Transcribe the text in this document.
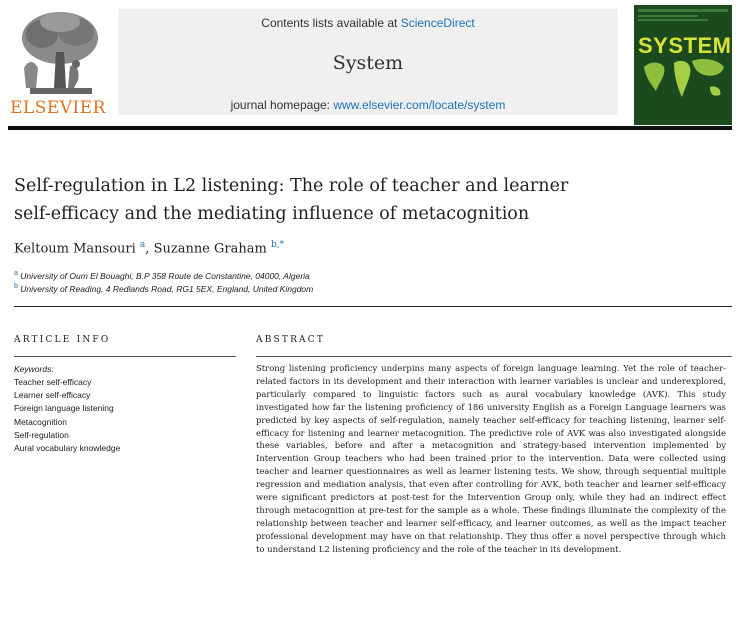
ELSEVIER
Contents lists available at ScienceDirect
System
journal homepage: www.elsevier.com/locate/system
SYSTEM
Self-regulation in L2 listening: The role of teacher and learner
self-efficacy and the mediating influence of metacognition
Keltoum Mansouri $^a$, Suzanne Graham $^{b,*}$
$^a$ University of Oum El Bouaghi, B.P 358 Route de Constantine, 04000, Algeria
$^b$ University of Reading, 4 Redlands Road, RG1 5EX, England, United Kingdom
ARTICLE INFO
Keywords:
Teacher self-efficacy
Learner self-efficacy
Foreign language listening
Metacognition
Self-regulation
Aural vocabulary knowledge
ABSTRACT

Strong listening proficiency underpins many aspects of foreign language learning. Yet the role of teacher-related factors in its development and their interaction with learner variables is unclear and underexplored, particularly compared to linguistic factors such as aural vocabulary knowledge (AVK). This study investigated how far the listening proficiency of 186 university English as a Foreign Language learners was predicted by key aspects of self-regulation, namely teacher self-efficacy for teaching listening, learner self-efficacy for listening and learner metacognition. The predictive role of AVK was also investigated alongside these variables, before and after a metacognition and strategy-based intervention implemented by Intervention Group teachers who had been trained prior to the intervention. Data were collected using teacher and learner questionnaires as well as learner listening tests. We show, through sequential multiple regression and mediation analysis, that even after controlling for AVK, both teacher and learner self-efficacy were significant predictors at post-test for the Intervention Group only, while they had an indirect effect through metacognition at pre-test for the sample as a whole. These findings illuminate the complexity of the relationship between teacher and learner self-efficacy, and learner outcomes, as well as the impact teacher professional development may have on that relationship. They thus offer a novel perspective through which to understand L2 listening proficiency and the role of the teacher in its development.
